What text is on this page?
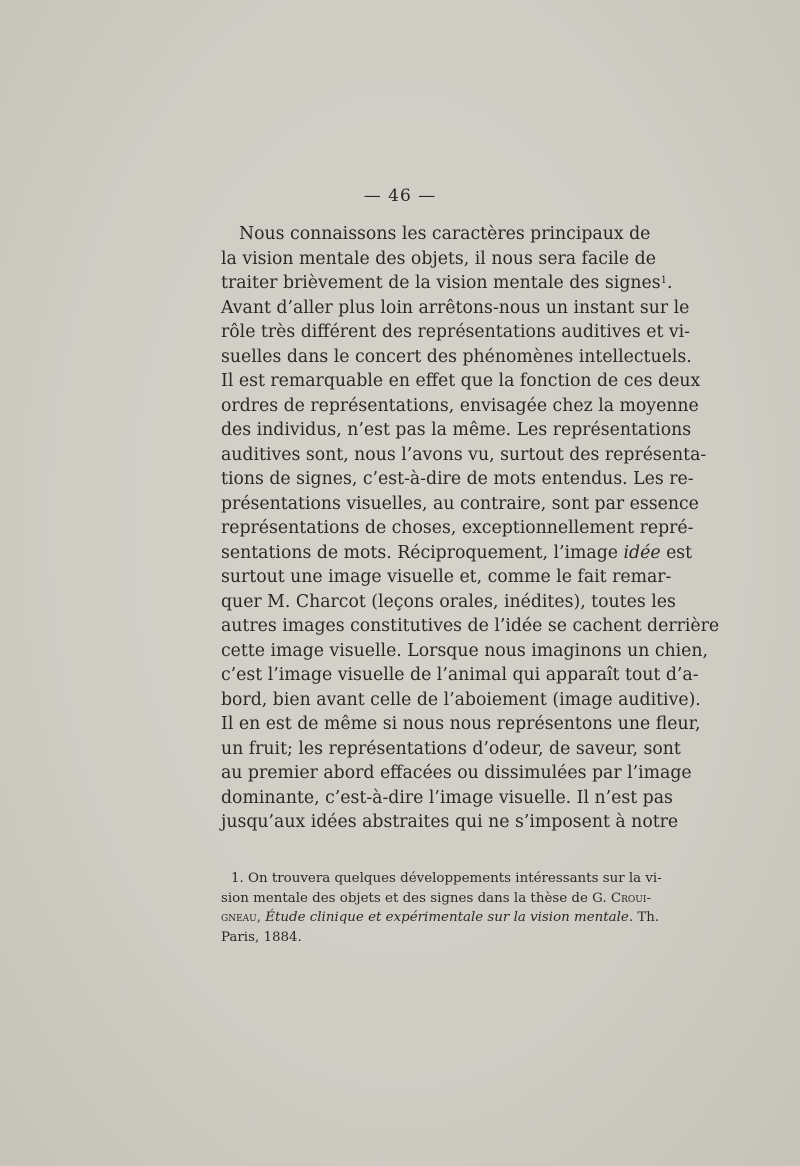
— 46 —
Nous connaissons les caractères principaux de
la vision mentale des objets, il nous sera facile de
traiter brièvement de la vision mentale des signes$^1$.
Avant d’aller plus loin arrêtons-nous un instant sur le
rôle très différent des représentations auditives et vi-
suelles dans le concert des phénomènes intellectuels.
Il est remarquable en effet que la fonction de ces deux
ordres de représentations, envisagée chez la moyenne
des individus, n’est pas la même. Les représentations
auditives sont, nous l’avons vu, surtout des représenta-
tions de signes, c’est-à-dire de mots entendus. Les re-
présentations visuelles, au contraire, sont par essence
représentations de choses, exceptionnellement repré-
sentations de mots. Réciproquement, l’image idée est
surtout une image visuelle et, comme le fait remar-
quer M. Charcot (leçons orales, inédites), toutes les
autres images constitutives de l’idée se cachent derrière
cette image visuelle. Lorsque nous imaginons un chien,
c’est l’image visuelle de l’animal qui apparaît tout d’a-
bord, bien avant celle de l’aboiement (image auditive).
Il en est de même si nous nous représentons une fleur,
un fruit; les représentations d’odeur, de saveur, sont
au premier abord effacées ou dissimulées par l’image
dominante, c’est-à-dire l’image visuelle. Il n’est pas
jusqu’aux idées abstraites qui ne s’imposent à notre
1. On trouvera quelques développements intéressants sur la vi-
sion mentale des objets et des signes dans la thèse de G. Croui-
gneau, Étude clinique et expérimentale sur la vision mentale. Th.
Paris, 1884.
